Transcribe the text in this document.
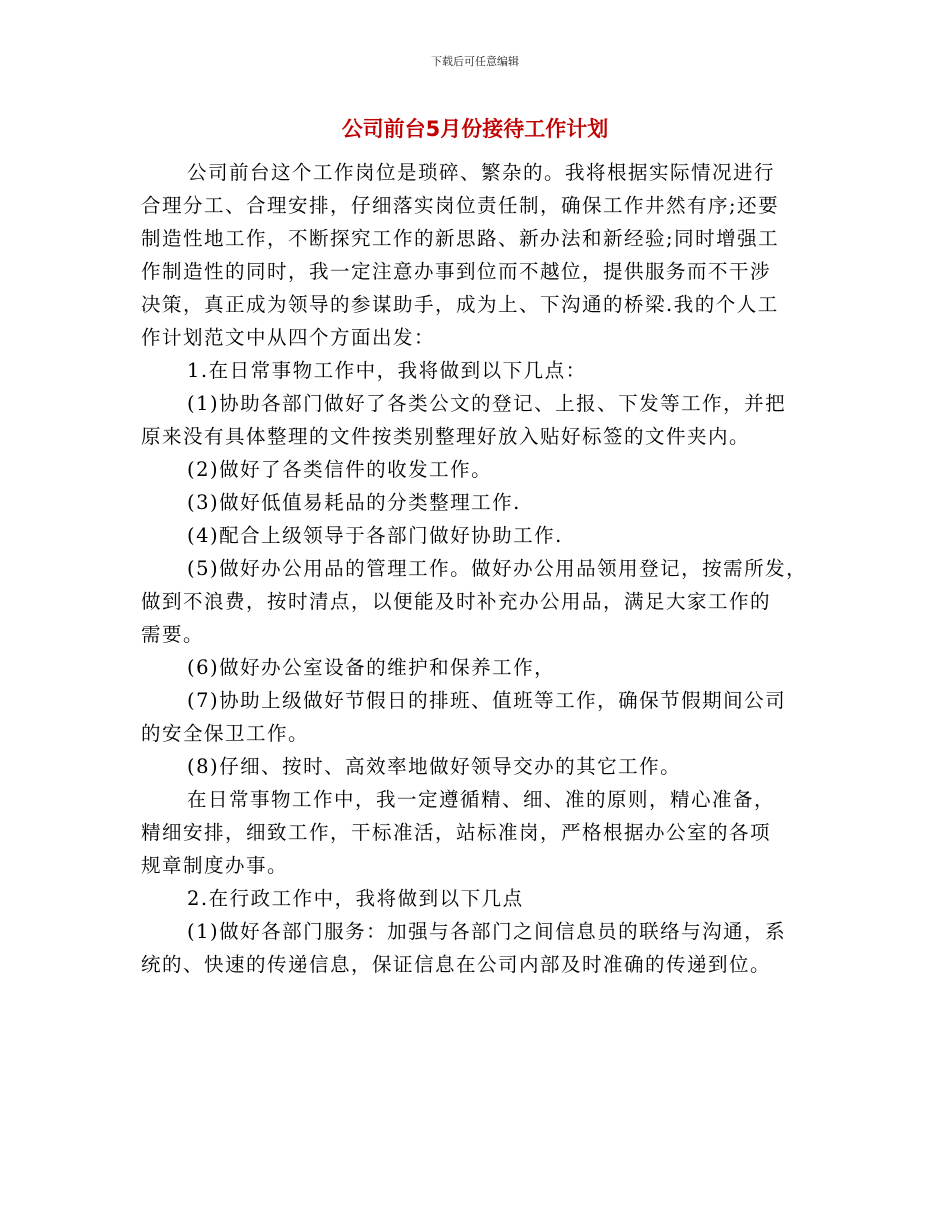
下载后可任意编辑
公司前台5月份接待工作计划
公司前台这个工作岗位是琐碎、繁杂的。我将根据实际情况进行
合理分工、合理安排，仔细落实岗位责任制，确保工作井然有序;还要
制造性地工作，不断探究工作的新思路、新办法和新经验;同时增强工
作制造性的同时，我一定注意办事到位而不越位，提供服务而不干涉
决策，真正成为领导的参谋助手，成为上、下沟通的桥梁.我的个人工
作计划范文中从四个方面出发：
1.在日常事物工作中，我将做到以下几点：
(1)协助各部门做好了各类公文的登记、上报、下发等工作，并把
原来没有具体整理的文件按类别整理好放入贴好标签的文件夹内。
(2)做好了各类信件的收发工作。
(3)做好低值易耗品的分类整理工作.
(4)配合上级领导于各部门做好协助工作.
(5)做好办公用品的管理工作。做好办公用品领用登记，按需所发，
做到不浪费，按时清点，以便能及时补充办公用品，满足大家工作的
需要。
(6)做好办公室设备的维护和保养工作，
(7)协助上级做好节假日的排班、值班等工作，确保节假期间公司
的安全保卫工作。
(8)仔细、按时、高效率地做好领导交办的其它工作。
在日常事物工作中，我一定遵循精、细、准的原则，精心准备，
精细安排，细致工作，干标准活，站标准岗，严格根据办公室的各项
规章制度办事。
2.在行政工作中，我将做到以下几点
(1)做好各部门服务：加强与各部门之间信息员的联络与沟通，系
统的、快速的传递信息，保证信息在公司内部及时准确的传递到位。
